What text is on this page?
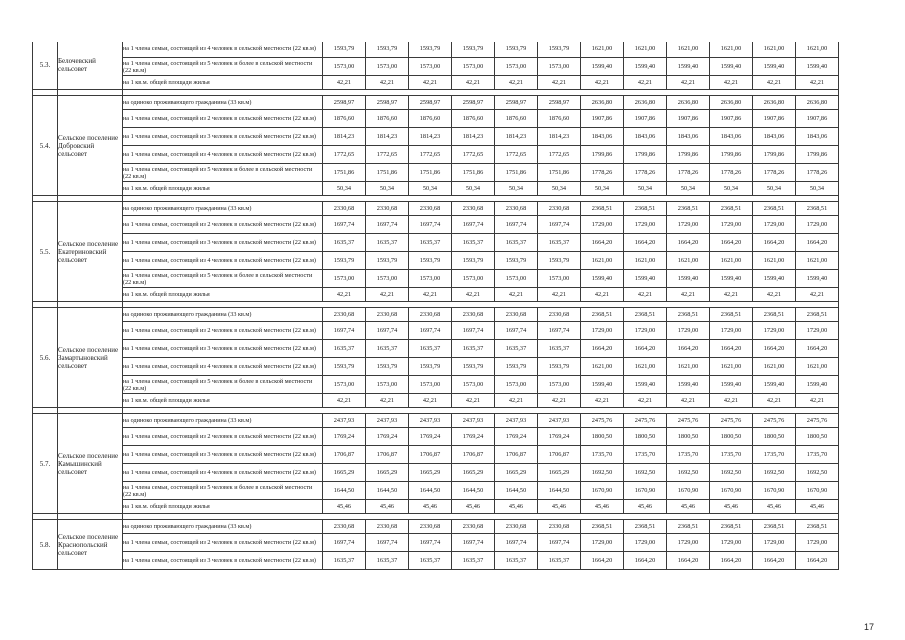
5.3.	Белочевский сельсовет	на 1 члена семьи, состоящей из 4 человек в сельской местности (22 кв.м)	1593,79	1593,79	1593,79	1593,79	1593,79	1593,79	1621,00	1621,00	1621,00	1621,00	1621,00	1621,00
		на 1 члена семьи, состоящей из 5 человек и более в сельской местности (22 кв.м)	1573,00	1573,00	1573,00	1573,00	1573,00	1573,00	1599,40	1599,40	1599,40	1599,40	1599,40	1599,40
		на 1 кв.м. общей площади жилья	42,21	42,21	42,21	42,21	42,21	42,21	42,21	42,21	42,21	42,21	42,21	42,21

5.4.	Сельское поселение Добровский сельсовет	на одиноко проживающего гражданина (33 кв.м)	2598,97	2598,97	2598,97	2598,97	2598,97	2598,97	2636,80	2636,80	2636,80	2636,80	2636,80	2636,80
		на 1 члена семьи, состоящей из 2 человек в сельской местности (22 кв.м)	1876,60	1876,60	1876,60	1876,60	1876,60	1876,60	1907,86	1907,86	1907,86	1907,86	1907,86	1907,86
		на 1 члена семьи, состоящей из 3 человек в сельской местности (22 кв.м)	1814,23	1814,23	1814,23	1814,23	1814,23	1814,23	1843,06	1843,06	1843,06	1843,06	1843,06	1843,06
		на 1 члена семьи, состоящей из 4 человек в сельской местности (22 кв.м)	1772,65	1772,65	1772,65	1772,65	1772,65	1772,65	1799,86	1799,86	1799,86	1799,86	1799,86	1799,86
		на 1 члена семьи, состоящей из 5 человек и более в сельской местности (22 кв.м)	1751,86	1751,86	1751,86	1751,86	1751,86	1751,86	1778,26	1778,26	1778,26	1778,26	1778,26	1778,26
		на 1 кв.м. общей площади жилья	50,34	50,34	50,34	50,34	50,34	50,34	50,34	50,34	50,34	50,34	50,34	50,34

5.5.	Сельское поселение Екатериновский сельсовет	на одиноко проживающего гражданина (33 кв.м)	2330,68	2330,68	2330,68	2330,68	2330,68	2330,68	2368,51	2368,51	2368,51	2368,51	2368,51	2368,51
		на 1 члена семьи, состоящей из 2 человек в сельской местности (22 кв.м)	1697,74	1697,74	1697,74	1697,74	1697,74	1697,74	1729,00	1729,00	1729,00	1729,00	1729,00	1729,00
		на 1 члена семьи, состоящей из 3 человек в сельской местности (22 кв.м)	1635,37	1635,37	1635,37	1635,37	1635,37	1635,37	1664,20	1664,20	1664,20	1664,20	1664,20	1664,20
		на 1 члена семьи, состоящей из 4 человек в сельской местности (22 кв.м)	1593,79	1593,79	1593,79	1593,79	1593,79	1593,79	1621,00	1621,00	1621,00	1621,00	1621,00	1621,00
		на 1 члена семьи, состоящей из 5 человек и более в сельской местности (22 кв.м)	1573,00	1573,00	1573,00	1573,00	1573,00	1573,00	1599,40	1599,40	1599,40	1599,40	1599,40	1599,40
		на 1 кв.м. общей площади жилья	42,21	42,21	42,21	42,21	42,21	42,21	42,21	42,21	42,21	42,21	42,21	42,21

5.6.	Сельское поселение Замартыновский сельсовет	на одиноко проживающего гражданина (33 кв.м)	2330,68	2330,68	2330,68	2330,68	2330,68	2330,68	2368,51	2368,51	2368,51	2368,51	2368,51	2368,51
		на 1 члена семьи, состоящей из 2 человек в сельской местности (22 кв.м)	1697,74	1697,74	1697,74	1697,74	1697,74	1697,74	1729,00	1729,00	1729,00	1729,00	1729,00	1729,00
		на 1 члена семьи, состоящей из 3 человек в сельской местности (22 кв.м)	1635,37	1635,37	1635,37	1635,37	1635,37	1635,37	1664,20	1664,20	1664,20	1664,20	1664,20	1664,20
		на 1 члена семьи, состоящей из 4 человек в сельской местности (22 кв.м)	1593,79	1593,79	1593,79	1593,79	1593,79	1593,79	1621,00	1621,00	1621,00	1621,00	1621,00	1621,00
		на 1 члена семьи, состоящей из 5 человек и более в сельской местности (22 кв.м)	1573,00	1573,00	1573,00	1573,00	1573,00	1573,00	1599,40	1599,40	1599,40	1599,40	1599,40	1599,40
		на 1 кв.м. общей площади жилья	42,21	42,21	42,21	42,21	42,21	42,21	42,21	42,21	42,21	42,21	42,21	42,21

5.7.	Сельское поселение Камышинский сельсовет	на одиноко проживающего гражданина (33 кв.м)	2437,93	2437,93	2437,93	2437,93	2437,93	2437,93	2475,76	2475,76	2475,76	2475,76	2475,76	2475,76
		на 1 члена семьи, состоящей из 2 человек в сельской местности (22 кв.м)	1769,24	1769,24	1769,24	1769,24	1769,24	1769,24	1800,50	1800,50	1800,50	1800,50	1800,50	1800,50
		на 1 члена семьи, состоящей из 3 человек в сельской местности (22 кв.м)	1706,87	1706,87	1706,87	1706,87	1706,87	1706,87	1735,70	1735,70	1735,70	1735,70	1735,70	1735,70
		на 1 члена семьи, состоящей из 4 человек в сельской местности (22 кв.м)	1665,29	1665,29	1665,29	1665,29	1665,29	1665,29	1692,50	1692,50	1692,50	1692,50	1692,50	1692,50
		на 1 члена семьи, состоящей из 5 человек и более в сельской местности (22 кв.м)	1644,50	1644,50	1644,50	1644,50	1644,50	1644,50	1670,90	1670,90	1670,90	1670,90	1670,90	1670,90
		на 1 кв.м. общей площади жилья	45,46	45,46	45,46	45,46	45,46	45,46	45,46	45,46	45,46	45,46	45,46	45,46

5.8.	Сельское поселение Краснопольский сельсовет	на одиноко проживающего гражданина (33 кв.м)	2330,68	2330,68	2330,68	2330,68	2330,68	2330,68	2368,51	2368,51	2368,51	2368,51	2368,51	2368,51
		на 1 члена семьи, состоящей из 2 человек в сельской местности (22 кв.м)	1697,74	1697,74	1697,74	1697,74	1697,74	1697,74	1729,00	1729,00	1729,00	1729,00	1729,00	1729,00
		на 1 члена семьи, состоящей из 3 человек в сельской местности (22 кв.м)	1635,37	1635,37	1635,37	1635,37	1635,37	1635,37	1664,20	1664,20	1664,20	1664,20	1664,20	1664,20
17
